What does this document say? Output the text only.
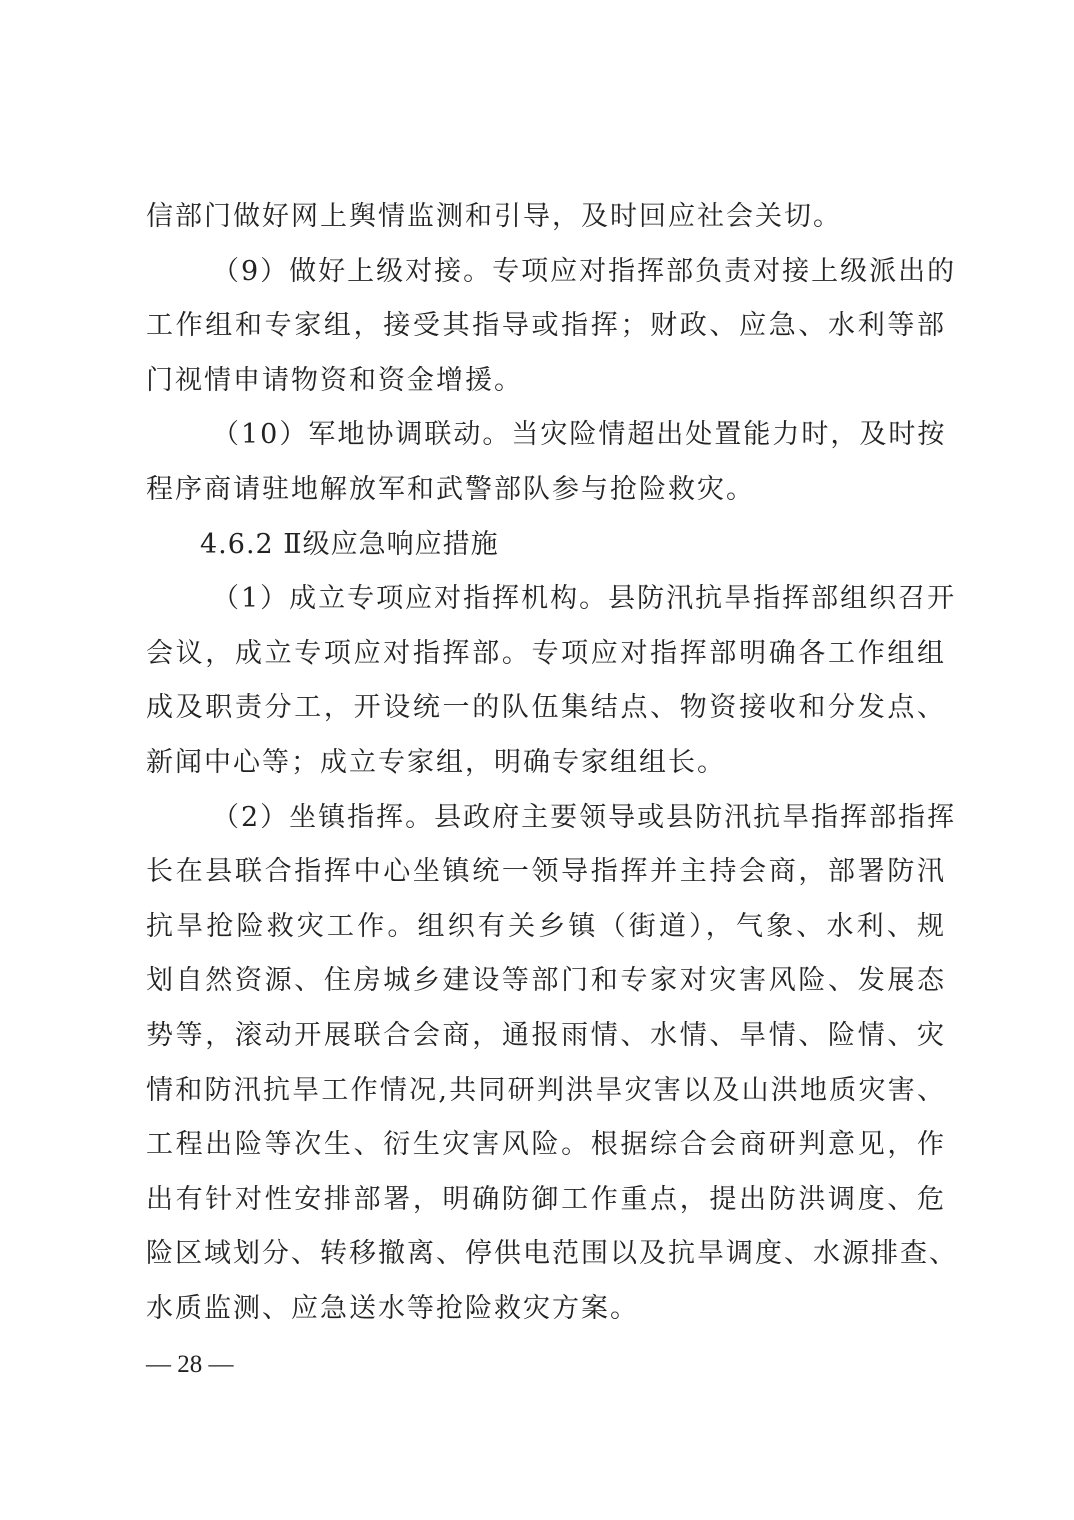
信部门做好网上舆情监测和引导，及时回应社会关切。
（9）做好上级对接。专项应对指挥部负责对接上级派出的
工作组和专家组，接受其指导或指挥；财政、应急、水利等部
门视情申请物资和资金增援。
（10）军地协调联动。当灾险情超出处置能力时，及时按
程序商请驻地解放军和武警部队参与抢险救灾。
4.6.2 Ⅱ级应急响应措施
（1）成立专项应对指挥机构。县防汛抗旱指挥部组织召开
会议，成立专项应对指挥部。专项应对指挥部明确各工作组组
成及职责分工，开设统一的队伍集结点、物资接收和分发点、
新闻中心等；成立专家组，明确专家组组长。
（2）坐镇指挥。县政府主要领导或县防汛抗旱指挥部指挥
长在县联合指挥中心坐镇统一领导指挥并主持会商，部署防汛
抗旱抢险救灾工作。组织有关乡镇（街道），气象、水利、规
划自然资源、住房城乡建设等部门和专家对灾害风险、发展态
势等，滚动开展联合会商，通报雨情、水情、旱情、险情、灾
情和防汛抗旱工作情况,共同研判洪旱灾害以及山洪地质灾害、
工程出险等次生、衍生灾害风险。根据综合会商研判意见，作
出有针对性安排部署，明确防御工作重点，提出防洪调度、危
险区域划分、转移撤离、停供电范围以及抗旱调度、水源排查、
水质监测、应急送水等抢险救灾方案。
— 28 —
